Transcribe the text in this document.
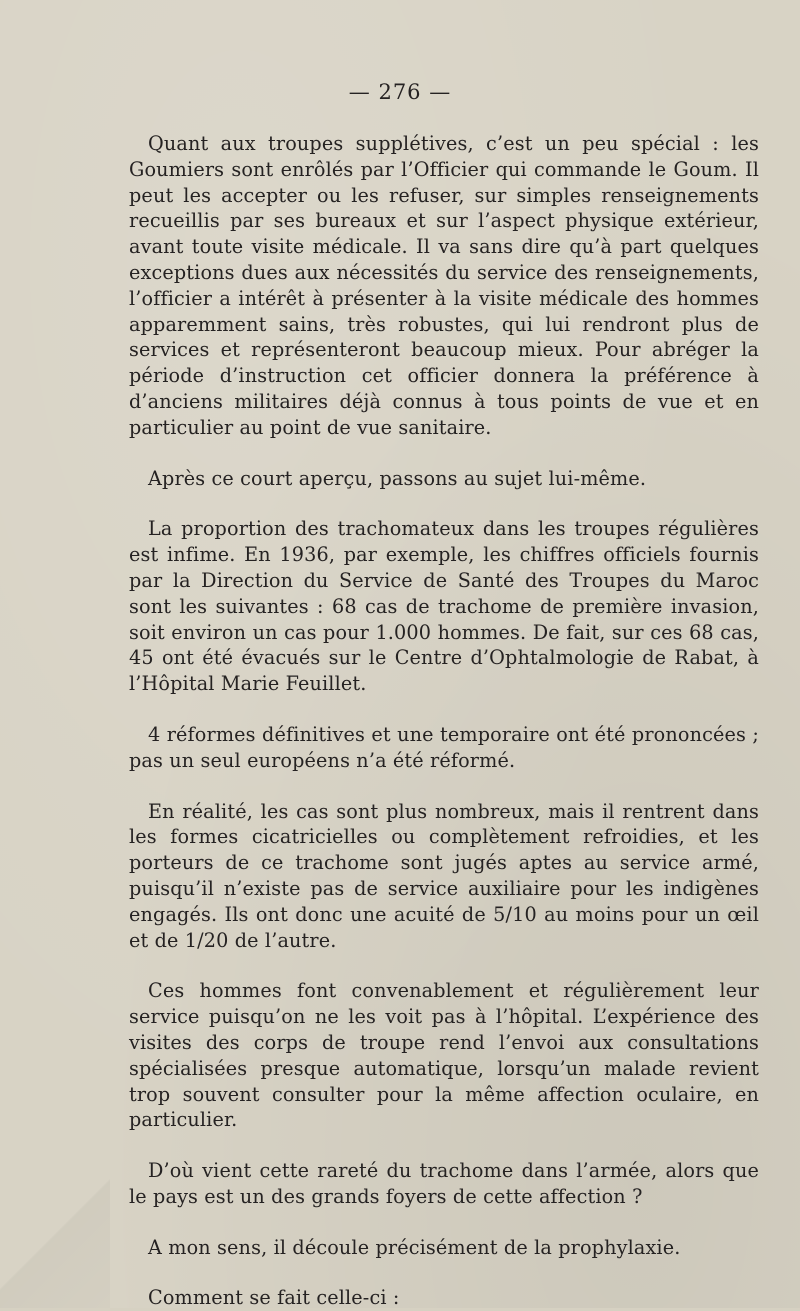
— 276 —

Quant aux troupes supplétives, c’est un peu spécial : les Goumiers sont enrôlés par l’Officier qui commande le Goum. Il peut les accepter ou les refuser, sur simples renseignements recueillis par ses bureaux et sur l’aspect physique extérieur, avant toute visite médicale. Il va sans dire qu’à part quelques exceptions dues aux nécessités du service des renseignements, l’officier a intérêt à présenter à la visite médicale des hommes apparemment sains, très robustes, qui lui rendront plus de services et représenteront beaucoup mieux. Pour abréger la période d’instruction cet officier donnera la préférence à d’anciens militaires déjà connus à tous points de vue et en particulier au point de vue sanitaire.

Après ce court aperçu, passons au sujet lui-même.

La proportion des trachomateux dans les troupes régulières est infime. En 1936, par exemple, les chiffres officiels fournis par la Direction du Service de Santé des Troupes du Maroc sont les suivantes : 68 cas de trachome de première invasion, soit environ un cas pour 1.000 hommes. De fait, sur ces 68 cas, 45 ont été évacués sur le Centre d’Ophtalmologie de Rabat, à l’Hôpital Marie Feuillet.

4 réformes définitives et une temporaire ont été prononcées ; pas un seul européens n’a été réformé.

En réalité, les cas sont plus nombreux, mais il rentrent dans les formes cicatricielles ou complètement refroidies, et les porteurs de ce trachome sont jugés aptes au service armé, puisqu’il n’existe pas de service auxiliaire pour les indigènes engagés. Ils ont donc une acuité de 5/10 au moins pour un œil et de 1/20 de l’autre.

Ces hommes font convenablement et régulièrement leur service puisqu’on ne les voit pas à l’hôpital. L’expérience des visites des corps de troupe rend l’envoi aux consultations spécialisées presque automatique, lorsqu’un malade revient trop souvent consulter pour la même affection oculaire, en particulier.

D’où vient cette rareté du trachome dans l’armée, alors que le pays est un des grands foyers de cette affection ?

A mon sens, il découle précisément de la prophylaxie.

Comment se fait celle-ci :
